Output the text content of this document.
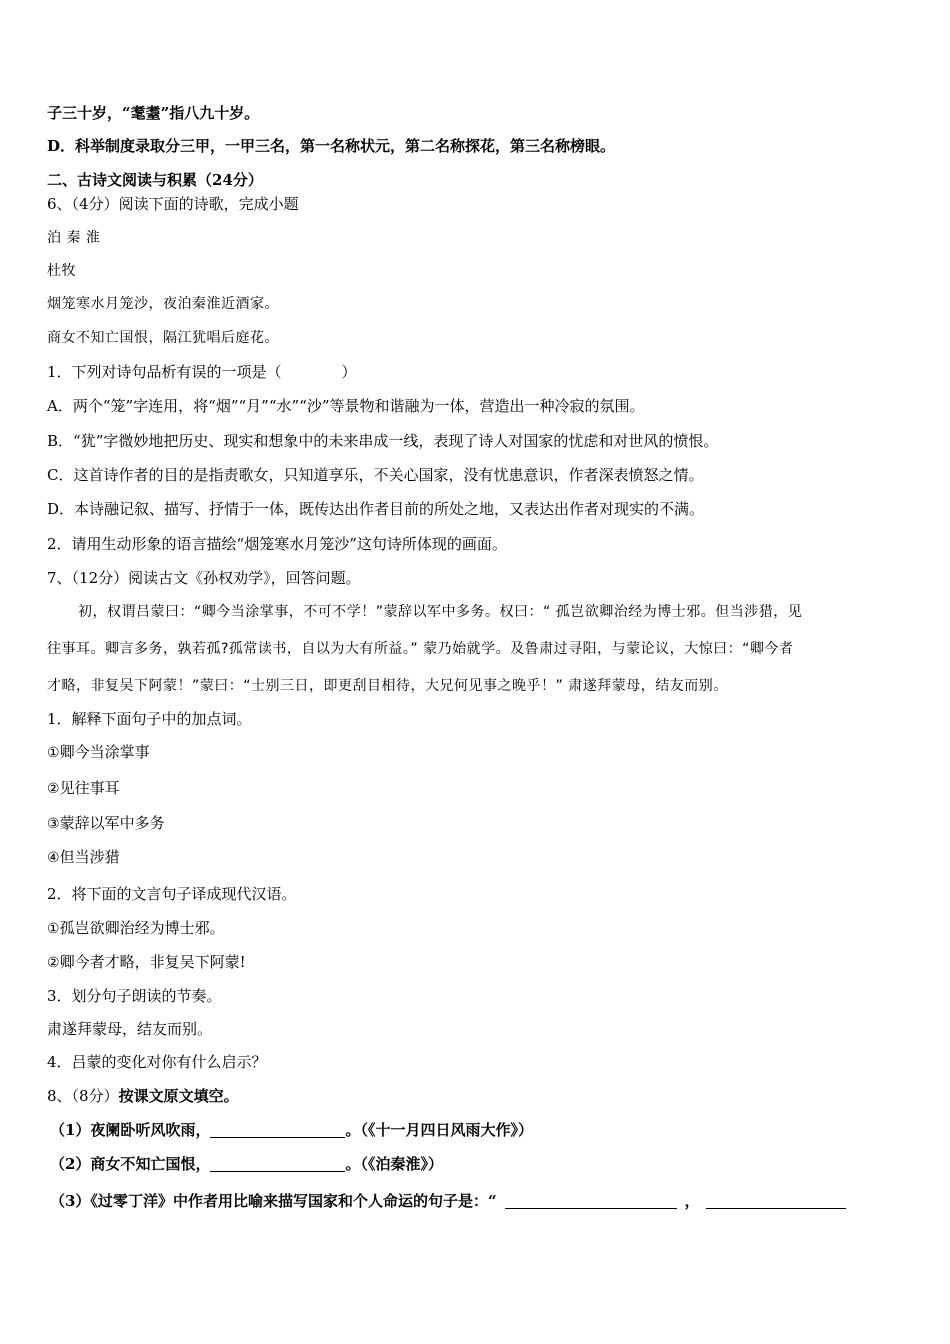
子三十岁，“耄耋”指八九十岁。
D．科举制度录取分三甲，一甲三名，第一名称状元，第二名称探花，第三名称榜眼。
二、古诗文阅读与积累（24分）
6、（4分）阅读下面的诗歌，完成小题
泊 秦 淮
杜牧
烟笼寒水月笼沙，夜泊秦淮近酒家。
商女不知亡国恨，隔江犹唱后庭花。
1．下列对诗句品析有误的一项是（　　　　）
A．两个“笼”字连用，将“烟”“月”“水”“沙”等景物和谐融为一体，营造出一种冷寂的氛围。
B．“犹”字微妙地把历史、现实和想象中的未来串成一线，表现了诗人对国家的忧虑和对世风的愤恨。
C．这首诗作者的目的是指责歌女，只知道享乐，不关心国家，没有忧患意识，作者深表愤怒之情。
D．本诗融记叙、描写、抒情于一体，既传达出作者目前的所处之地，又表达出作者对现实的不满。
2．请用生动形象的语言描绘“烟笼寒水月笼沙”这句诗所体现的画面。
7、（12分）阅读古文《孙权劝学》，回答问题。
初，权谓吕蒙曰：“卿今当涂掌事，不可不学！”蒙辞以军中多务。权曰：“ 孤岂欲卿治经为博士邪。但当涉猎，见
往事耳。卿言多务，孰若孤?孤常读书，自以为大有所益。” 蒙乃始就学。及鲁肃过寻阳，与蒙论议，大惊曰：“卿今者
才略，非复吴下阿蒙！”蒙曰：“士别三日，即更刮目相待，大兄何见事之晚乎！” 肃遂拜蒙母，结友而别。
1．解释下面句子中的加点词。
①卿今当涂掌事
②见往事耳
③蒙辞以军中多务
④但当涉猎
2．将下面的文言句子译成现代汉语。
①孤岂欲卿治经为博士邪。
②卿今者才略，非复吴下阿蒙!
3．划分句子朗读的节奏。
肃遂拜蒙母，结友而别。
4．吕蒙的变化对你有什么启示？
8、（8分）按课文原文填空。
（1）夜阑卧听风吹雨，	。（《十一月四日风雨大作》）
（2）商女不知亡国恨，	。（《泊秦淮》）
（3）《过零丁洋》中作者用比喻来描写国家和个人命运的句子是：“	，
